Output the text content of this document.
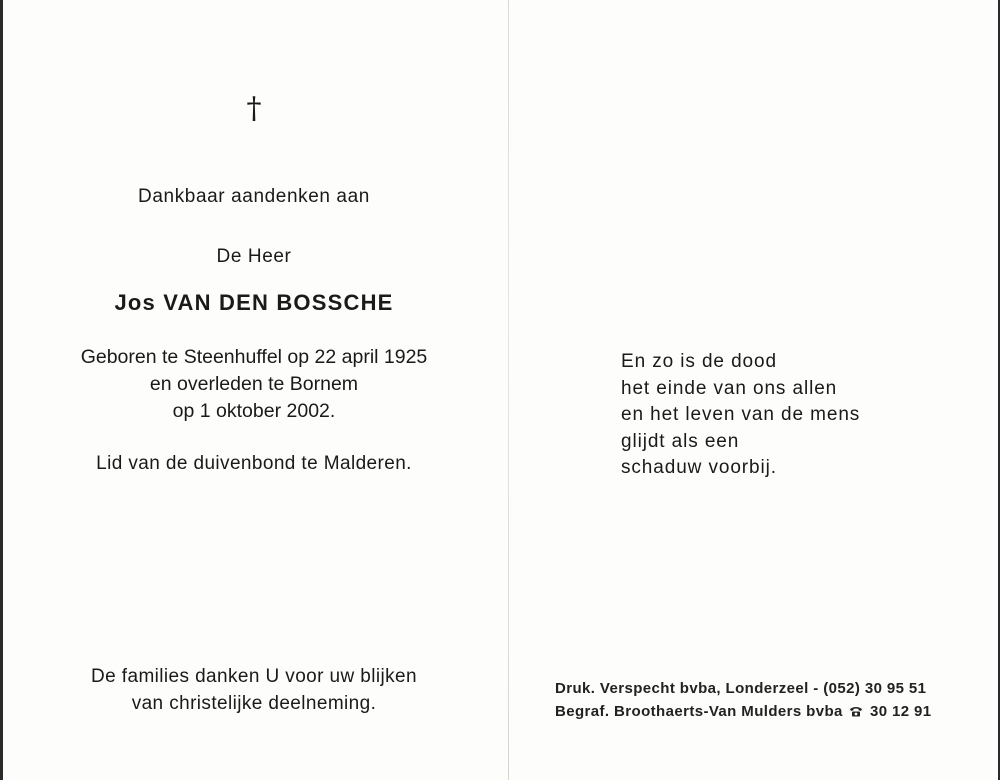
†
Dankbaar aandenken aan
De Heer
Jos VAN DEN BOSSCHE
Geboren te Steenhuffel op 22 april 1925
en overleden te Bornem
op 1 oktober 2002.
Lid van de duivenbond te Malderen.
De families danken U voor uw blijken
van christelijke deelneming.
En zo is de dood
het einde van ons allen
en het leven van de mens
glijdt als een
schaduw voorbij.
Druk. Verspecht bvba, Londerzeel - (052) 30 95 51
Begraf. Broothaerts-Van Mulders bvba 30 12 91
